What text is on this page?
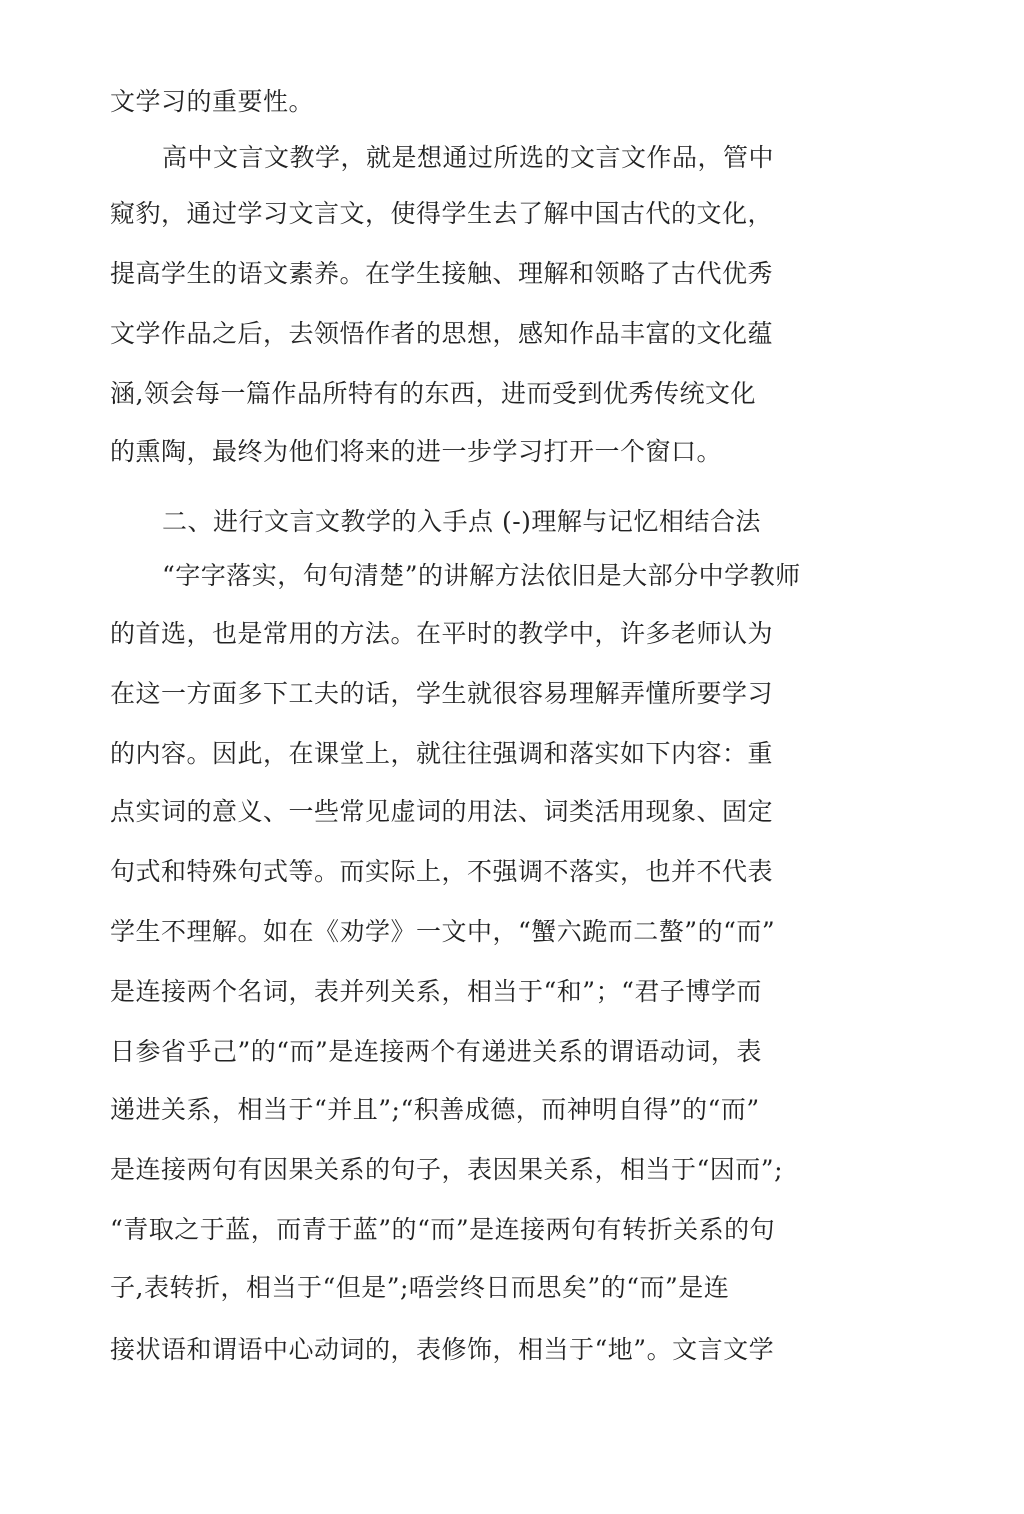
文学习的重要性。
高中文言文教学，就是想通过所选的文言文作品，管中
窥豹，通过学习文言文，使得学生去了解中国古代的文化，
提高学生的语文素养。在学生接触、理解和领略了古代优秀
文学作品之后，去领悟作者的思想，感知作品丰富的文化蕴
涵,领会每一篇作品所特有的东西，进而受到优秀传统文化
的熏陶，最终为他们将来的进一步学习打开一个窗口。
二、进行文言文教学的入手点 (-)理解与记忆相结合法
“字字落实，句句清楚”的讲解方法依旧是大部分中学教师
的首选，也是常用的方法。在平时的教学中，许多老师认为
在这一方面多下工夫的话，学生就很容易理解弄懂所要学习
的内容。因此，在课堂上，就往往强调和落实如下内容：重
点实词的意义、一些常见虚词的用法、词类活用现象、固定
句式和特殊句式等。而实际上，不强调不落实，也并不代表
学生不理解。如在《劝学》一文中，“蟹六跪而二螯”的“而”
是连接两个名词，表并列关系，相当于“和”；“君子博学而
日参省乎己”的“而”是连接两个有递进关系的谓语动词，表
递进关系，相当于“并且”;“积善成德，而神明自得”的“而”
是连接两句有因果关系的句子，表因果关系，相当于“因而”;
“青取之于蓝，而青于蓝”的“而”是连接两句有转折关系的句
子,表转折，相当于“但是”;唔尝终日而思矣”的“而”是连
接状语和谓语中心动词的，表修饰，相当于“地”。文言文学
